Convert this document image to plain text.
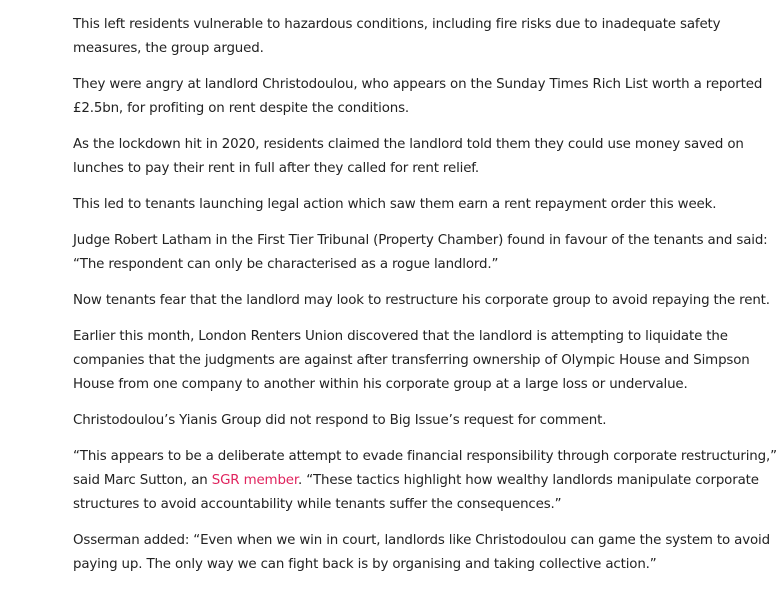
This left residents vulnerable to hazardous conditions, including fire risks due to inadequate safety measures, the group argued.

They were angry at landlord Christodoulou, who appears on the Sunday Times Rich List worth a reported £2.5bn, for profiting on rent despite the conditions.

As the lockdown hit in 2020, residents claimed the landlord told them they could use money saved on lunches to pay their rent in full after they called for rent relief.

This led to tenants launching legal action which saw them earn a rent repayment order this week.

Judge Robert Latham in the First Tier Tribunal (Property Chamber) found in favour of the tenants and said: “The respondent can only be characterised as a rogue landlord.”

Now tenants fear that the landlord may look to restructure his corporate group to avoid repaying the rent.

Earlier this month, London Renters Union discovered that the landlord is attempting to liquidate the companies that the judgments are against after transferring ownership of Olympic House and Simpson House from one company to another within his corporate group at a large loss or undervalue.

Christodoulou’s Yianis Group did not respond to Big Issue’s request for comment.

“This appears to be a deliberate attempt to evade financial responsibility through corporate restructuring,” said Marc Sutton, an SGR member. “These tactics highlight how wealthy landlords manipulate corporate structures to avoid accountability while tenants suffer the consequences.”

Osserman added: “Even when we win in court, landlords like Christodoulou can game the system to avoid paying up. The only way we can fight back is by organising and taking collective action.”
